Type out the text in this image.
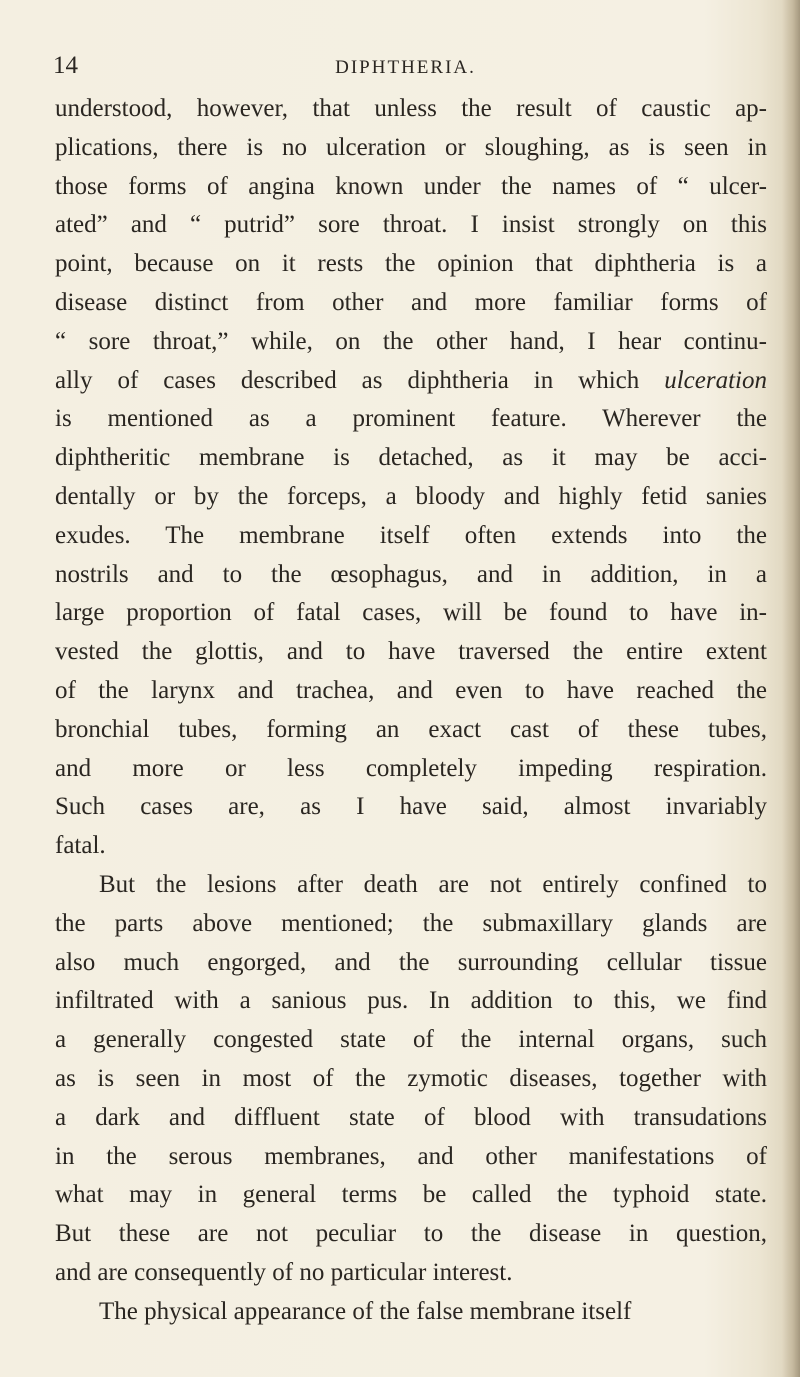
14	DIPHTHERIA.
understood, however, that unless the result of caustic ap-
plications, there is no ulceration or sloughing, as is seen in
those forms of angina known under the names of “ ulcer-
ated” and “ putrid” sore throat. I insist strongly on this
point, because on it rests the opinion that diphtheria is a
disease distinct from other and more familiar forms of
“ sore throat,” while, on the other hand, I hear continu-
ally of cases described as diphtheria in which ulceration
is mentioned as a prominent feature. Wherever the
diphtheritic membrane is detached, as it may be acci-
dentally or by the forceps, a bloody and highly fetid sanies
exudes. The membrane itself often extends into the
nostrils and to the œsophagus, and in addition, in a
large proportion of fatal cases, will be found to have in-
vested the glottis, and to have traversed the entire extent
of the larynx and trachea, and even to have reached the
bronchial tubes, forming an exact cast of these tubes,
and more or less completely impeding respiration.
Such cases are, as I have said, almost invariably
fatal.
But the lesions after death are not entirely confined to
the parts above mentioned; the submaxillary glands are
also much engorged, and the surrounding cellular tissue
infiltrated with a sanious pus. In addition to this, we find
a generally congested state of the internal organs, such
as is seen in most of the zymotic diseases, together with
a dark and diffluent state of blood with transudations
in the serous membranes, and other manifestations of
what may in general terms be called the typhoid state.
But these are not peculiar to the disease in question,
and are consequently of no particular interest.
The physical appearance of the false membrane itself
